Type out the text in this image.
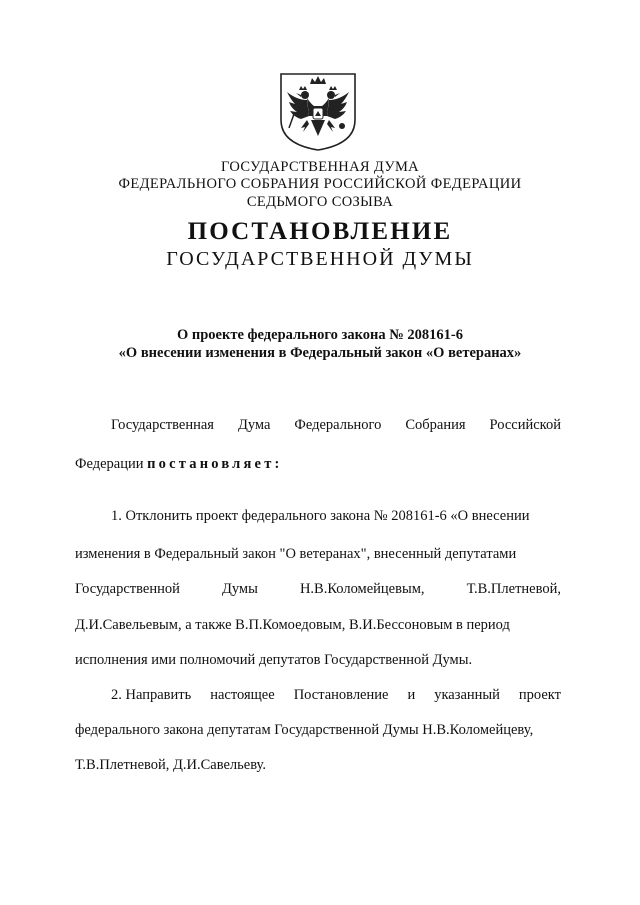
ГОСУДАРСТВЕННАЯ ДУМА
ФЕДЕРАЛЬНОГО СОБРАНИЯ РОССИЙСКОЙ ФЕДЕРАЦИИ
СЕДЬМОГО СОЗЫВА
ПОСТАНОВЛЕНИЕ
ГОСУДАРСТВЕННОЙ ДУМЫ
О проекте федерального закона № 208161-6
«О внесении изменения в Федеральный закон «О ветеранах»
Государственная Дума Федерального Собрания Российской
Федерации постановляет:
1. Отклонить проект федерального закона № 208161-6 «О внесении
изменения в Федеральный закон "О ветеранах", внесенный депутатами
Государственной	Думы	Н.В.Коломейцевым,	Т.В.Плетневой,
Д.И.Савельевым, а также В.П.Комоедовым, В.И.Бессоновым в период
исполнения ими полномочий депутатов Государственной Думы.
2. Направить настоящее Постановление и указанный проект
федерального закона депутатам Государственной Думы Н.В.Коломейцеву,
Т.В.Плетневой, Д.И.Савельеву.
